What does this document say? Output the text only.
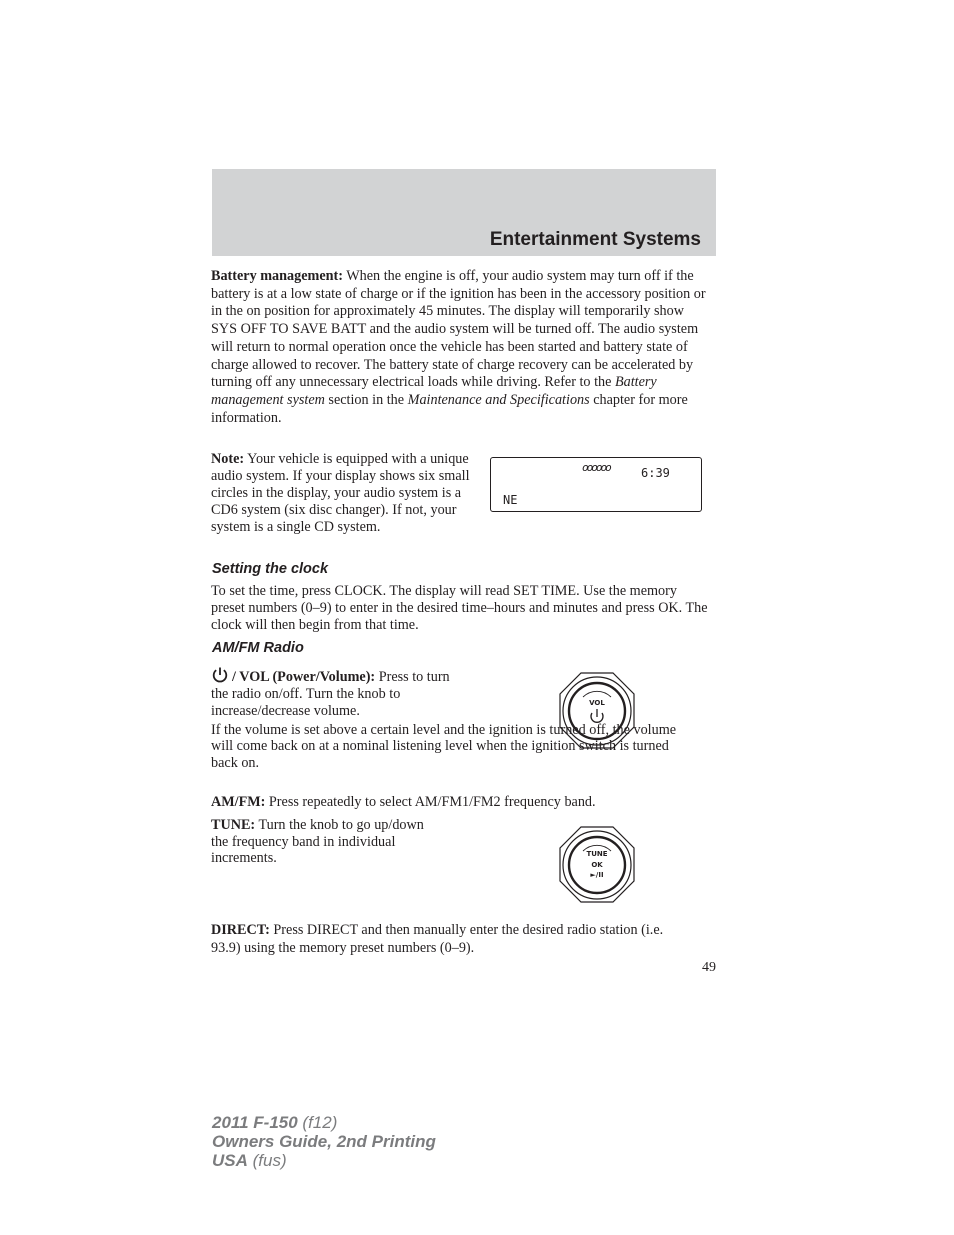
Entertainment Systems

Battery management: When the engine is off, your audio system may turn off if the battery is at a low state of charge or if the ignition has been in the accessory position or in the on position for approximately 45 minutes. The display will temporarily show SYS OFF TO SAVE BATT and the audio system will be turned off. The audio system will return to normal operation once the vehicle has been started and battery state of charge allowed to recover. The battery state of charge recovery can be accelerated by turning off any unnecessary electrical loads while driving. Refer to the Battery management system section in the Maintenance and Specifications chapter for more information.

Note: Your vehicle is equipped with a unique audio system. If your display shows six small circles in the display, your audio system is a CD6 system (six disc changer). If not, your system is a single CD system.

oooooo	6:39
NE
Setting the clock

To set the time, press CLOCK. The display will read SET TIME. Use the memory preset numbers (0–9) to enter in the desired time–hours and minutes and press OK. The clock will then begin from that time.

AM/FM Radio

/ VOL (Power/Volume): Press to turn the radio on/off. Turn the knob to increase/decrease volume.

If the volume is set above a certain level and the ignition is turned off, the volume will come back on at a nominal listening level when the ignition switch is turned back on.

VOL

AM/FM: Press repeatedly to select AM/FM1/FM2 frequency band.

TUNE: Turn the knob to go up/down the frequency band in individual increments.	TUNE
OK
►/II

DIRECT: Press DIRECT and then manually enter the desired radio station (i.e. 93.9) using the memory preset numbers (0–9).

49
2011 F-150 (f12)
Owners Guide, 2nd Printing
USA (fus)
